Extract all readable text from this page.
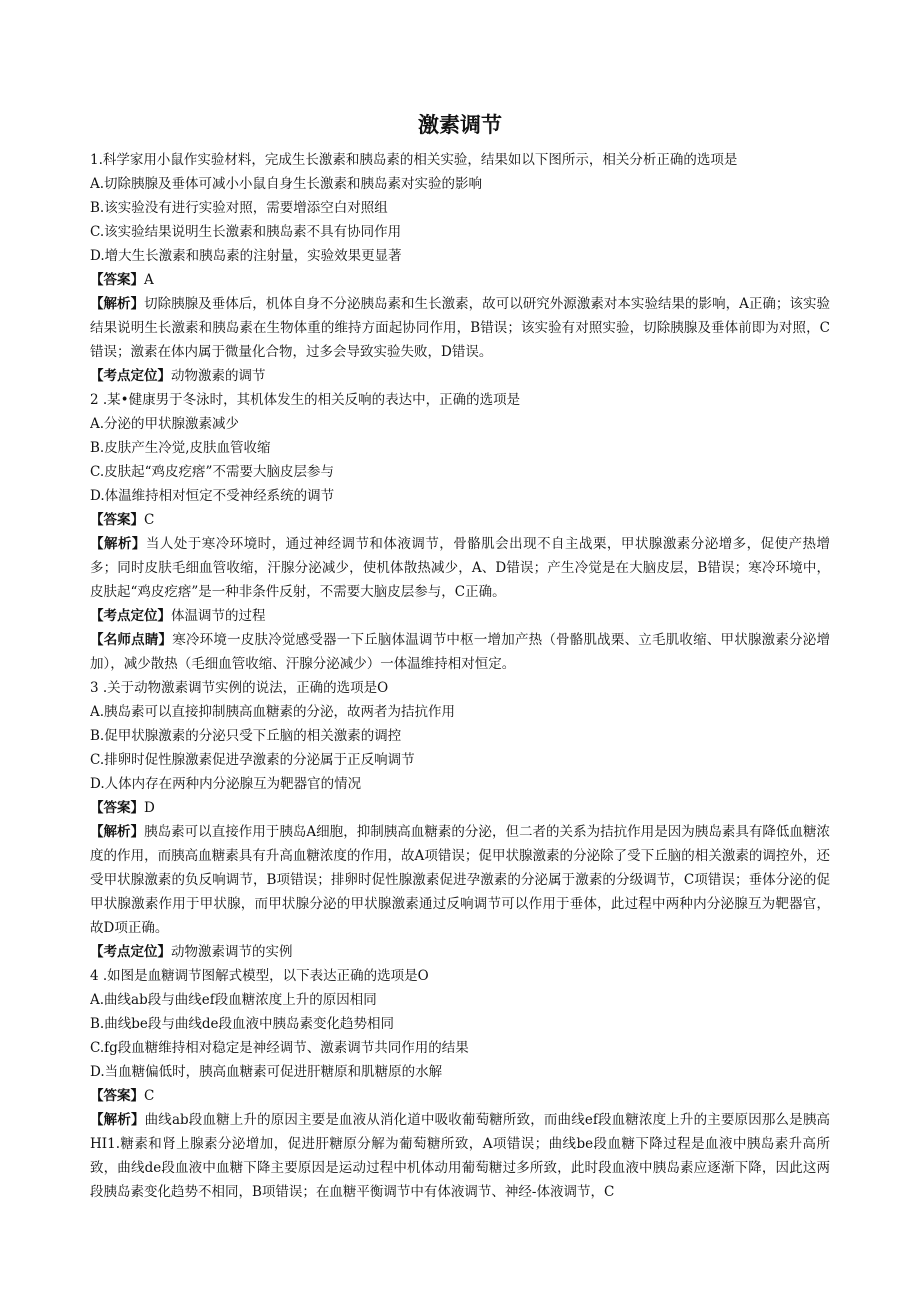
激素调节
1.科学家用小鼠作实验材料，完成生长激素和胰岛素的相关实验，结果如以下图所示，相关分析正确的选项是
A.切除胰腺及垂体可减小小鼠自身生长激素和胰岛素对实验的影响
B.该实验没有进行实验对照，需要增添空白对照组
C.该实验结果说明生长激素和胰岛素不具有协同作用
D.增大生长激素和胰岛素的注射量，实验效果更显著
【答案】A
【解析】切除胰腺及垂体后，机体自身不分泌胰岛素和生长激素，故可以研究外源激素对本实验结果的影响，A正确；该实验结果说明生长激素和胰岛素在生物体重的维持方面起协同作用，B错误；该实验有对照实验，切除胰腺及垂体前即为对照，C错误；激素在体内属于微量化合物，过多会导致实验失败，D错误。
【考点定位】动物激素的调节
2 .某•健康男于冬泳时，其机体发生的相关反响的表达中，正确的选项是
A.分泌的甲状腺激素减少
B.皮肤产生冷觉,皮肤血管收缩
C.皮肤起“鸡皮疙瘩”不需要大脑皮层参与
D.体温维持相对恒定不受神经系统的调节
【答案】C
【解析】当人处于寒冷环境时，通过神经调节和体液调节，骨骼肌会出现不自主战栗，甲状腺激素分泌增多，促使产热增多；同时皮肤毛细血管收缩，汗腺分泌减少，使机体散热减少，A、D错误；产生冷觉是在大脑皮层，B错误；寒冷环境中，皮肤起“鸡皮疙瘩”是一种非条件反射，不需要大脑皮层参与，C正确。
【考点定位】体温调节的过程
【名师点睛】寒冷环境一皮肤冷觉感受器一下丘脑体温调节中枢一增加产热（骨骼肌战栗、立毛肌收缩、甲状腺激素分泌增加），减少散热（毛细血管收缩、汗腺分泌减少）一体温维持相对恒定。
3 .关于动物激素调节实例的说法，正确的选项是O
A.胰岛素可以直接抑制胰高血糖素的分泌，故两者为拮抗作用
B.促甲状腺激素的分泌只受下丘脑的相关激素的调控
C.排卵时促性腺激素促进孕激素的分泌属于正反响调节
D.人体内存在两种内分泌腺互为靶器官的情况
【答案】D
【解析】胰岛素可以直接作用于胰岛A细胞，抑制胰高血糖素的分泌，但二者的关系为拮抗作用是因为胰岛素具有降低血糖浓度的作用，而胰高血糖素具有升高血糖浓度的作用，故A项错误；促甲状腺激素的分泌除了受下丘脑的相关激素的调控外，还受甲状腺激素的负反响调节，B项错误；排卵时促性腺激素促进孕激素的分泌属于激素的分级调节，C项错误；垂体分泌的促甲状腺激素作用于甲状腺，而甲状腺分泌的甲状腺激素通过反响调节可以作用于垂体，此过程中两种内分泌腺互为靶器官，故D项正确。
【考点定位】动物激素调节的实例
4 .如图是血糖调节图解式模型，以下表达正确的选项是O
A.曲线ab段与曲线ef段血糖浓度上升的原因相同
B.曲线be段与曲线de段血液中胰岛素变化趋势相同
C.fg段血糖维持相对稳定是神经调节、激素调节共同作用的结果
D.当血糖偏低时，胰高血糖素可促进肝糖原和肌糖原的水解
【答案】C
【解析】曲线ab段血糖上升的原因主要是血液从消化道中吸收葡萄糖所致，而曲线ef段血糖浓度上升的主要原因那么是胰高HI1.糖素和肾上腺素分泌增加，促进肝糖原分解为葡萄糖所致，A项错误；曲线be段血糖下降过程是血液中胰岛素升高所致，曲线de段血液中血糖下降主要原因是运动过程中机体动用葡萄糖过多所致，此时段血液中胰岛素应逐渐下降，因此这两段胰岛素变化趋势不相同，B项错误；在血糖平衡调节中有体液调节、神经-体液调节，C
